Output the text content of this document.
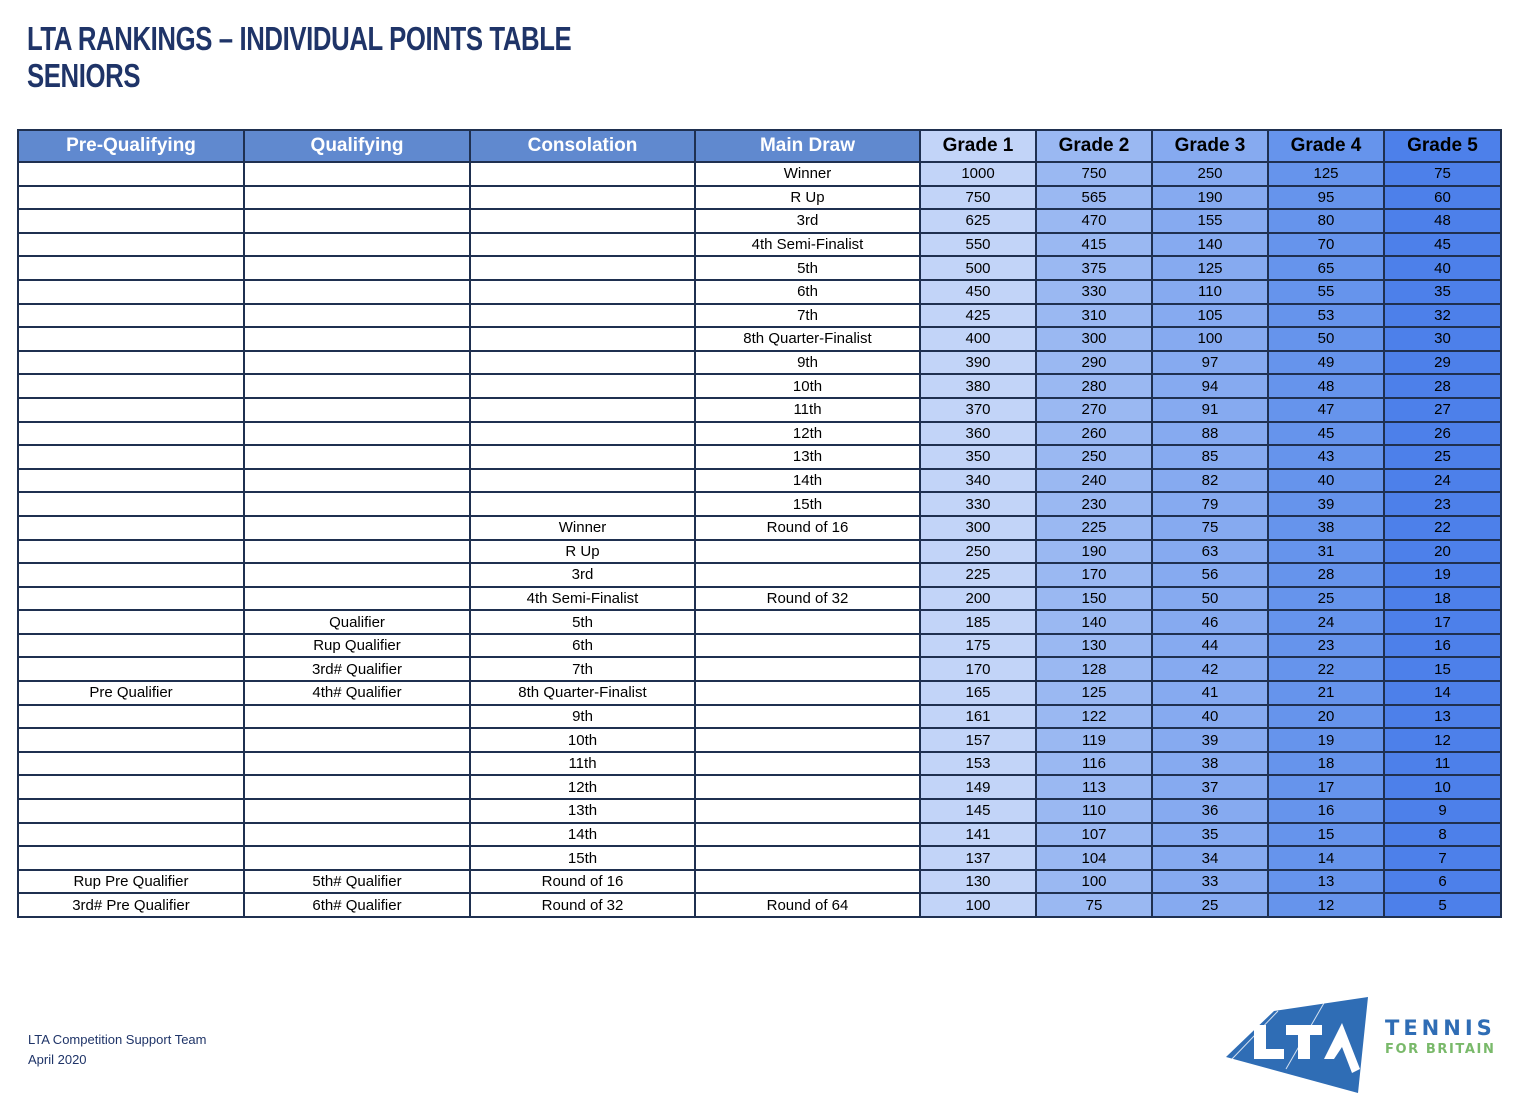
LTA RANKINGS – INDIVIDUAL POINTS TABLE
SENIORS
Pre-Qualifying	Qualifying	Consolation	Main Draw	Grade 1	Grade 2	Grade 3	Grade 4	Grade 5
			Winner	1000	750	250	125	75
			R Up	750	565	190	95	60
			3rd	625	470	155	80	48
			4th Semi-Finalist	550	415	140	70	45
			5th	500	375	125	65	40
			6th	450	330	110	55	35
			7th	425	310	105	53	32
			8th Quarter-Finalist	400	300	100	50	30
			9th	390	290	97	49	29
			10th	380	280	94	48	28
			11th	370	270	91	47	27
			12th	360	260	88	45	26
			13th	350	250	85	43	25
			14th	340	240	82	40	24
			15th	330	230	79	39	23
		Winner	Round of 16	300	225	75	38	22
		R Up		250	190	63	31	20
		3rd		225	170	56	28	19
		4th Semi-Finalist	Round of 32	200	150	50	25	18
	Qualifier	5th		185	140	46	24	17
	Rup Qualifier	6th		175	130	44	23	16
	3rd# Qualifier	7th		170	128	42	22	15
Pre Qualifier	4th# Qualifier	8th Quarter-Finalist		165	125	41	21	14
		9th		161	122	40	20	13
		10th		157	119	39	19	12
		11th		153	116	38	18	11
		12th		149	113	37	17	10
		13th		145	110	36	16	9
		14th		141	107	35	15	8
		15th		137	104	34	14	7
Rup Pre Qualifier	5th# Qualifier	Round of 16		130	100	33	13	6
3rd# Pre Qualifier	6th# Qualifier	Round of 32	Round of 64	100	75	25	12	5
LTA Competition Support Team
April 2020
TENNIS
FOR BRITAIN
